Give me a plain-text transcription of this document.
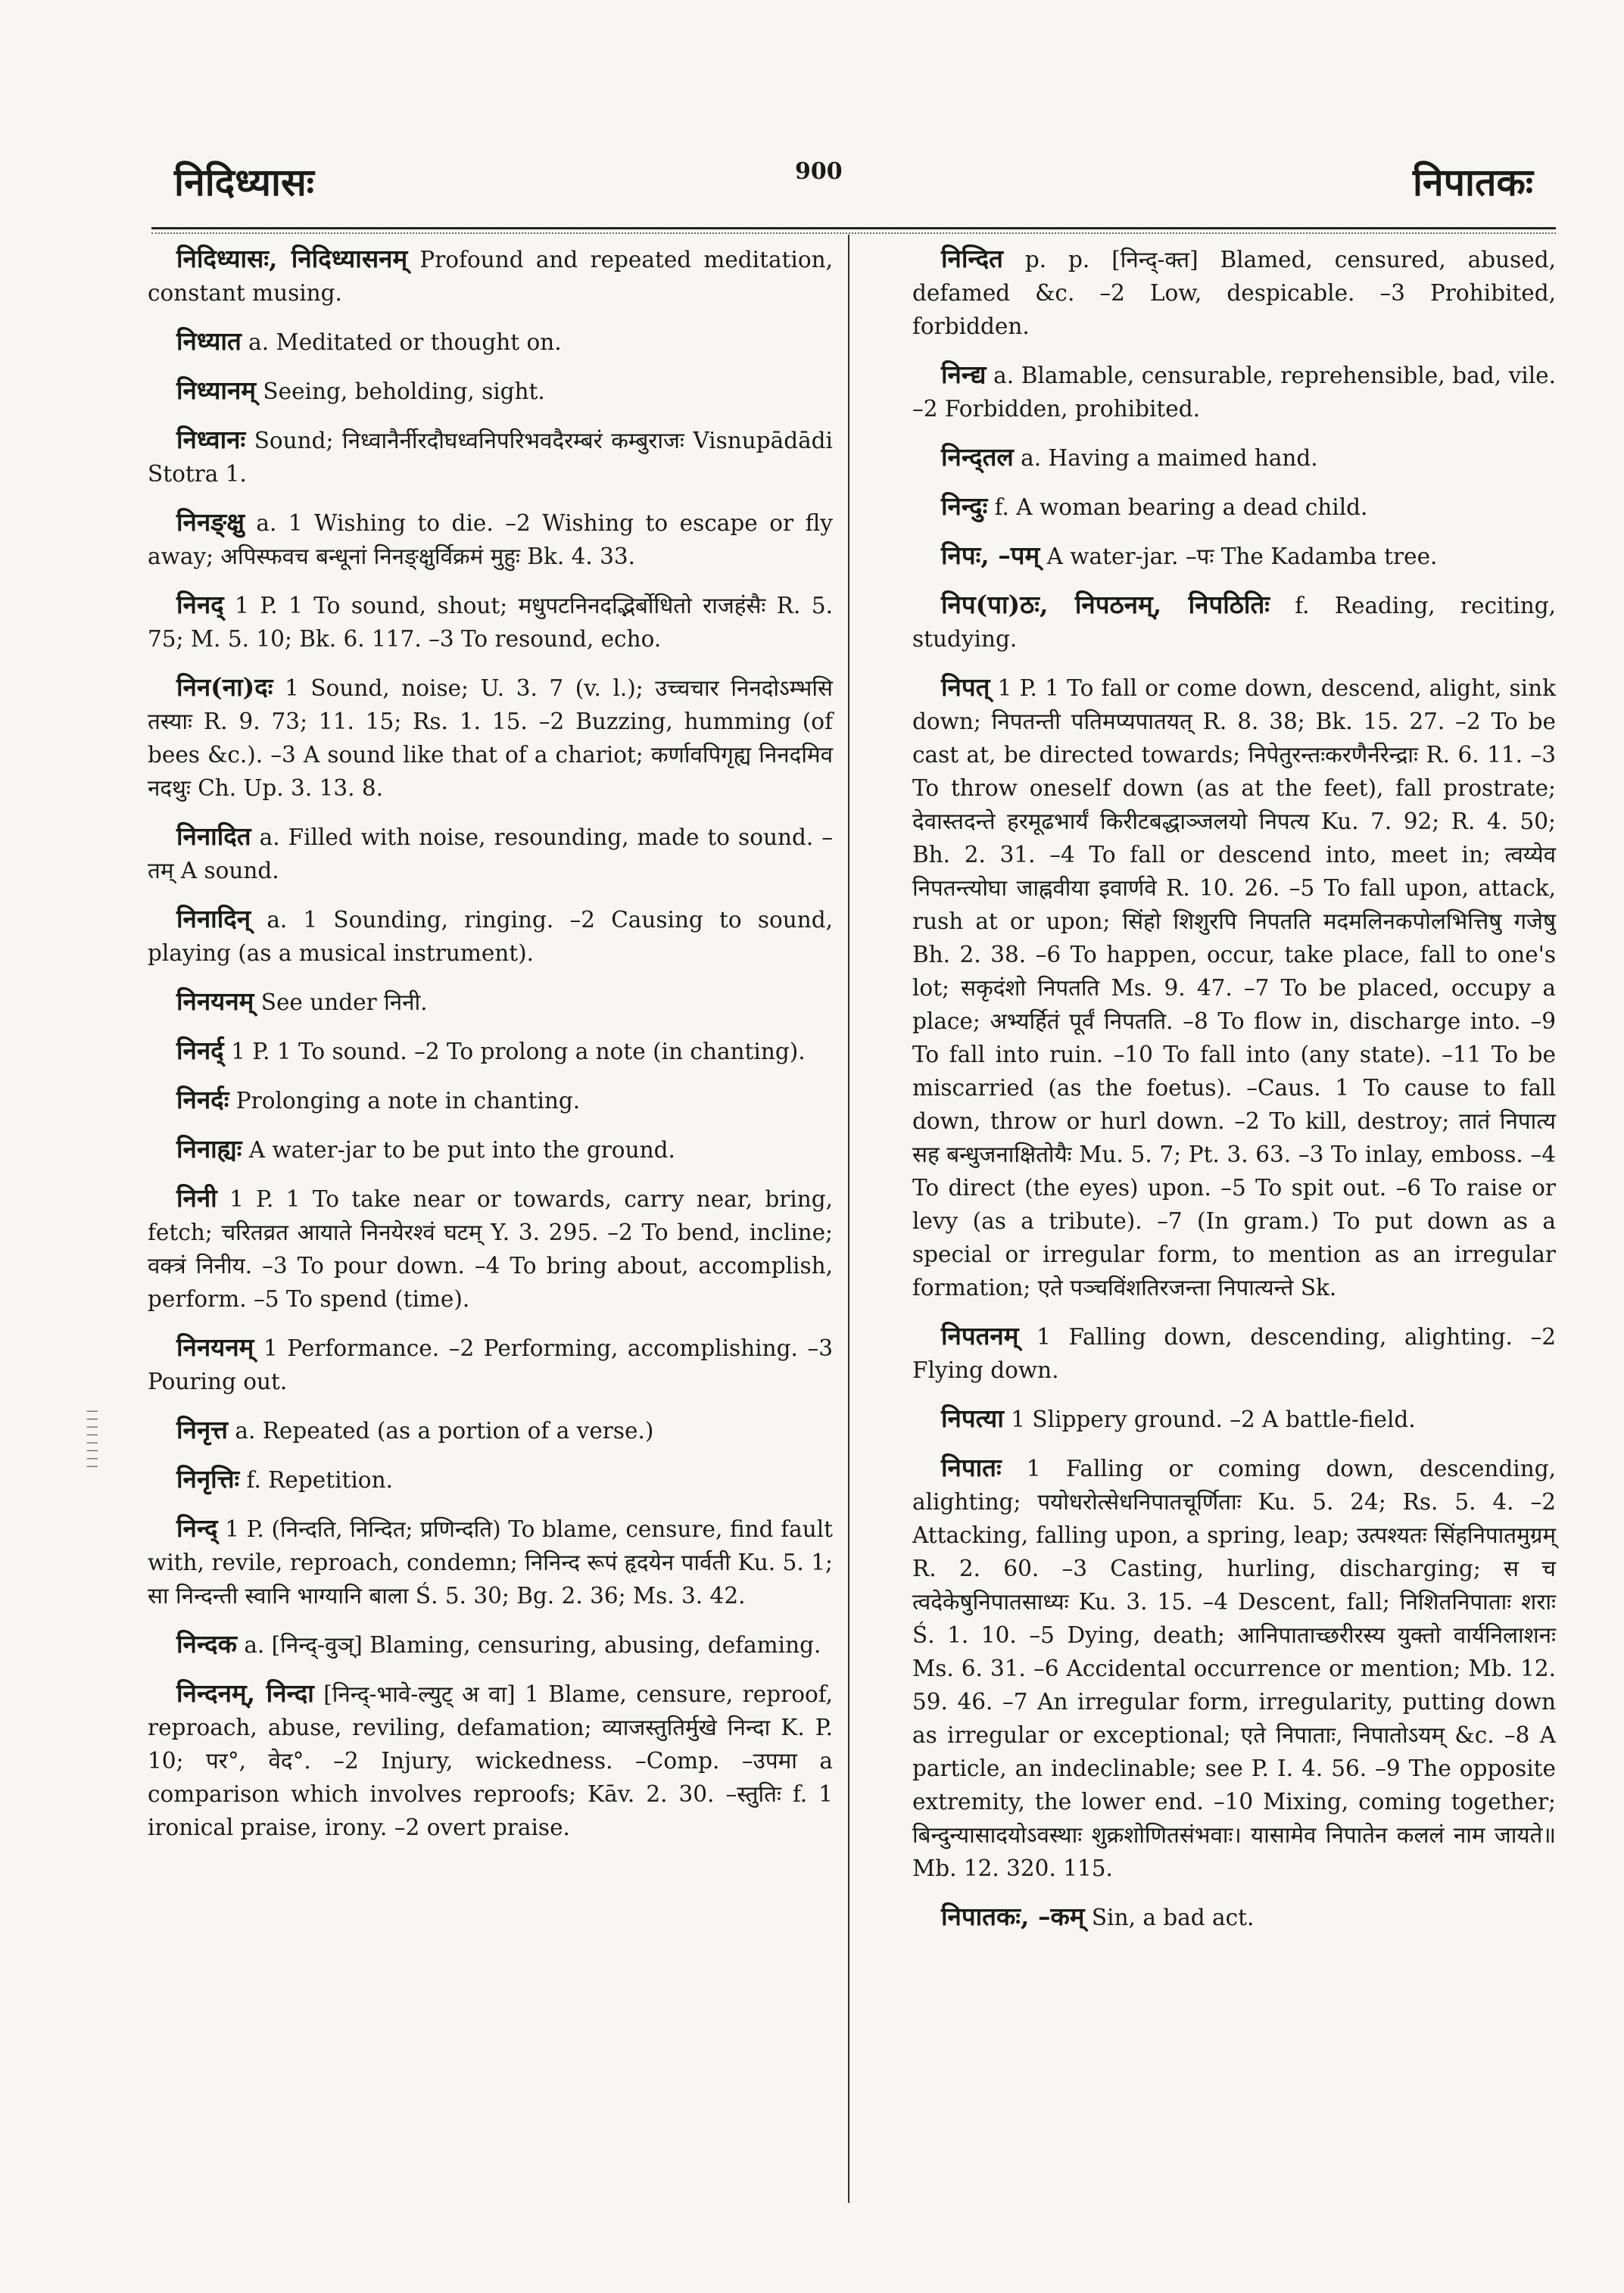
निदिध्यासः	900	निपातकः
||||||||

निदिध्यासः, निदिध्यासनम् Profound and repeated meditation, constant musing.

निध्यात a. Meditated or thought on.

निध्यानम् Seeing, beholding, sight.

निध्वानः Sound; निध्वानैर्नीरदौघध्वनिपरिभवदैरम्बरं कम्बुराजः Visnupādādi Stotra 1.

निनङ्क्षु a. 1 Wishing to die. –2 Wishing to escape or fly away; अपिस्फवच बन्धूनां निनङ्क्षुर्विक्रमं मुहुः Bk. 4. 33.

निनद् 1 P. 1 To sound, shout; मधुपटनिनदद्भिर्बोधितो राजहंसैः R. 5. 75; M. 5. 10; Bk. 6. 117. –3 To resound, echo.

निन(ना)दः 1 Sound, noise; U. 3. 7 (v. l.); उच्चचार निनदोऽम्भसि तस्याः R. 9. 73; 11. 15; Rs. 1. 15. –2 Buzzing, humming (of bees &c.). –3 A sound like that of a chariot; कर्णावपिगृह्य निनदमिव नदथुः Ch. Up. 3. 13. 8.

निनादित a. Filled with noise, resounding, made to sound. –तम् A sound.

निनादिन् a. 1 Sounding, ringing. –2 Causing to sound, playing (as a musical instrument).

निनयनम् See under निनी.

निनर्द् 1 P. 1 To sound. –2 To prolong a note (in chanting).

निनर्दः Prolonging a note in chanting.

निनाह्यः A water-jar to be put into the ground.

निनी 1 P. 1 To take near or towards, carry near, bring, fetch; चरितव्रत आयाते निनयेरश्वं घटम् Y. 3. 295. –2 To bend, incline; वक्त्रं निनीय. –3 To pour down. –4 To bring about, accomplish, perform. –5 To spend (time).

निनयनम् 1 Performance. –2 Performing, accomplishing. –3 Pouring out.

निनृत्त a. Repeated (as a portion of a verse.)

निनृत्तिः f. Repetition.

निन्द् 1 P. (निन्दति, निन्दित; प्रणिन्दति) To blame, censure, find fault with, revile, reproach, condemn; निनिन्द रूपं हृदयेन पार्वती Ku. 5. 1; सा निन्दन्ती स्वानि भाग्यानि बाला Ś. 5. 30; Bg. 2. 36; Ms. 3. 42.

निन्दक a. [निन्द्-वुञ्] Blaming, censuring, abusing, defaming.

निन्दनम्, निन्दा [निन्द्-भावे-ल्युट् अ वा] 1 Blame, censure, reproof, reproach, abuse, reviling, defamation; व्याजस्तुतिर्मुखे निन्दा K. P. 10; पर°, वेद°. –2 Injury, wickedness. –Comp. –उपमा a comparison which involves reproofs; Kāv. 2. 30. –स्तुतिः f. 1 ironical praise, irony. –2 overt praise.

निन्दित p. p. [निन्द्-क्त] Blamed, censured, abused, defamed &c. –2 Low, despicable. –3 Prohibited, forbidden.

निन्द्य a. Blamable, censurable, reprehensible, bad, vile. –2 Forbidden, prohibited.

निन्द्तल a. Having a maimed hand.

निन्दुः f. A woman bearing a dead child.

निपः, –पम् A water-jar. –पः The Kadamba tree.

निप(पा)ठः, निपठनम्, निपठितिः f. Reading, reciting, studying.

निपत् 1 P. 1 To fall or come down, descend, alight, sink down; निपतन्ती पतिमप्यपातयत् R. 8. 38; Bk. 15. 27. –2 To be cast at, be directed towards; निपेतुरन्तःकरणैर्नरेन्द्राः R. 6. 11. –3 To throw oneself down (as at the feet), fall prostrate; देवास्तदन्ते हरमूढभार्यं किरीटबद्धाञ्जलयो निपत्य Ku. 7. 92; R. 4. 50; Bh. 2. 31. –4 To fall or descend into, meet in; त्वय्येव निपतन्त्योघा जाह्नवीया इवार्णवे R. 10. 26. –5 To fall upon, attack, rush at or upon; सिंहो शिशुरपि निपतति मदमलिनकपोलभित्तिषु गजेषु Bh. 2. 38. –6 To happen, occur, take place, fall to one's lot; सकृदंशो निपतति Ms. 9. 47. –7 To be placed, occupy a place; अभ्यर्हितं पूर्वं निपतति. –8 To flow in, discharge into. –9 To fall into ruin. –10 To fall into (any state). –11 To be miscarried (as the foetus). –Caus. 1 To cause to fall down, throw or hurl down. –2 To kill, destroy; तातं निपात्य सह बन्धुजनाक्षितोयैः Mu. 5. 7; Pt. 3. 63. –3 To inlay, emboss. –4 To direct (the eyes) upon. –5 To spit out. –6 To raise or levy (as a tribute). –7 (In gram.) To put down as a special or irregular form, to mention as an irregular formation; एते पञ्चविंशतिरजन्ता निपात्यन्ते Sk.

निपतनम् 1 Falling down, descending, alighting. –2 Flying down.

निपत्या 1 Slippery ground. –2 A battle-field.

निपातः 1 Falling or coming down, descending, alighting; पयोधरोत्सेधनिपातचूर्णिताः Ku. 5. 24; Rs. 5. 4. –2 Attacking, falling upon, a spring, leap; उत्पश्यतः सिंहनिपातमुग्रम् R. 2. 60. –3 Casting, hurling, discharging; स च त्वदेकेषुनिपातसाध्यः Ku. 3. 15. –4 Descent, fall; निशितनिपाताः शराः Ś. 1. 10. –5 Dying, death; आनिपाताच्छरीरस्य युक्तो वार्यनिलाशनः Ms. 6. 31. –6 Accidental occurrence or mention; Mb. 12. 59. 46. –7 An irregular form, irregularity, putting down as irregular or exceptional; एते निपाताः, निपातोऽयम् &c. –8 A particle, an indeclinable; see P. I. 4. 56. –9 The opposite extremity, the lower end. –10 Mixing, coming together; बिन्दुन्यासादयोऽवस्थाः शुक्रशोणितसंभवाः। यासामेव निपातेन कललं नाम जायते॥ Mb. 12. 320. 115.

निपातकः, –कम् Sin, a bad act.
